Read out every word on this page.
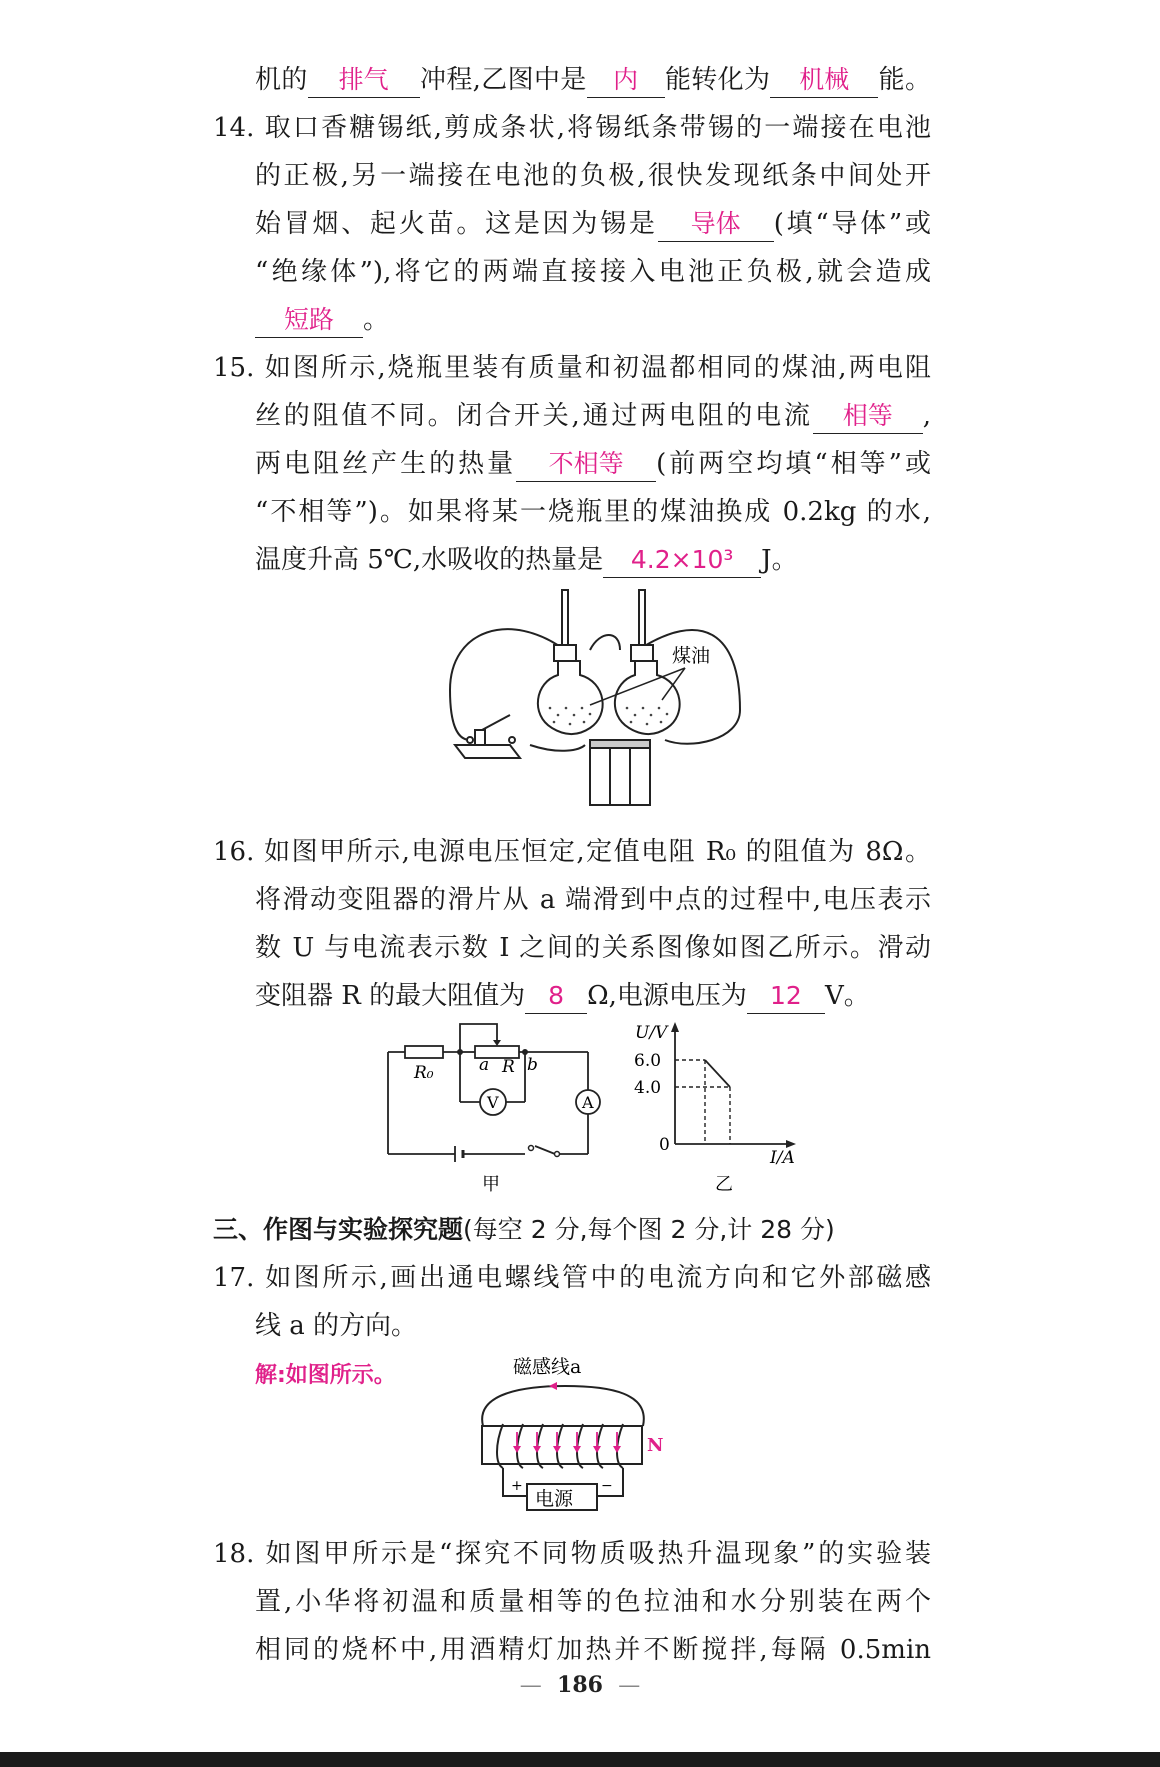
机的 排气 冲程,乙图中是 内 能转化为 机械 能。
14. 取口香糖锡纸,剪成条状,将锡纸条带锡的一端接在电池
的正极,另一端接在电池的负极,很快发现纸条中间处开
始冒烟、起火苗。这是因为锡是 导体 (填“导体”或
“绝缘体”),将它的两端直接接入电池正负极,就会造成
短路 。
15. 如图所示,烧瓶里装有质量和初温都相同的煤油,两电阻
丝的阻值不同。闭合开关,通过两电阻的电流 相等 ,
两电阻丝产生的热量 不相等 (前两空均填“相等”或
“不相等”)。如果将某一烧瓶里的煤油换成 0.2kg 的水,
温度升高 5℃,水吸收的热量是 4.2×10³ J。
煤油
16. 如图甲所示,电源电压恒定,定值电阻 R₀ 的阻值为 8Ω。
将滑动变阻器的滑片从 a 端滑到中点的过程中,电压表示
数 U 与电流表示数 I 之间的关系图像如图乙所示。滑动
变阻器 R 的最大阻值为 8 Ω,电源电压为 12 V。
V	A
R₀	a R b
甲
U/V
6.0
4.0
0
I/A
乙
三、作图与实验探究题(每空 2 分,每个图 2 分,计 28 分)
17. 如图所示,画出通电螺线管中的电流方向和它外部磁感
线 a 的方向。
解:如图所示。	磁感线a
N
电源
+	−
18. 如图甲所示是“探究不同物质吸热升温现象”的实验装
置,小华将初温和质量相等的色拉油和水分别装在两个
相同的烧杯中,用酒精灯加热并不断搅拌,每隔 0.5min
— 186 —
